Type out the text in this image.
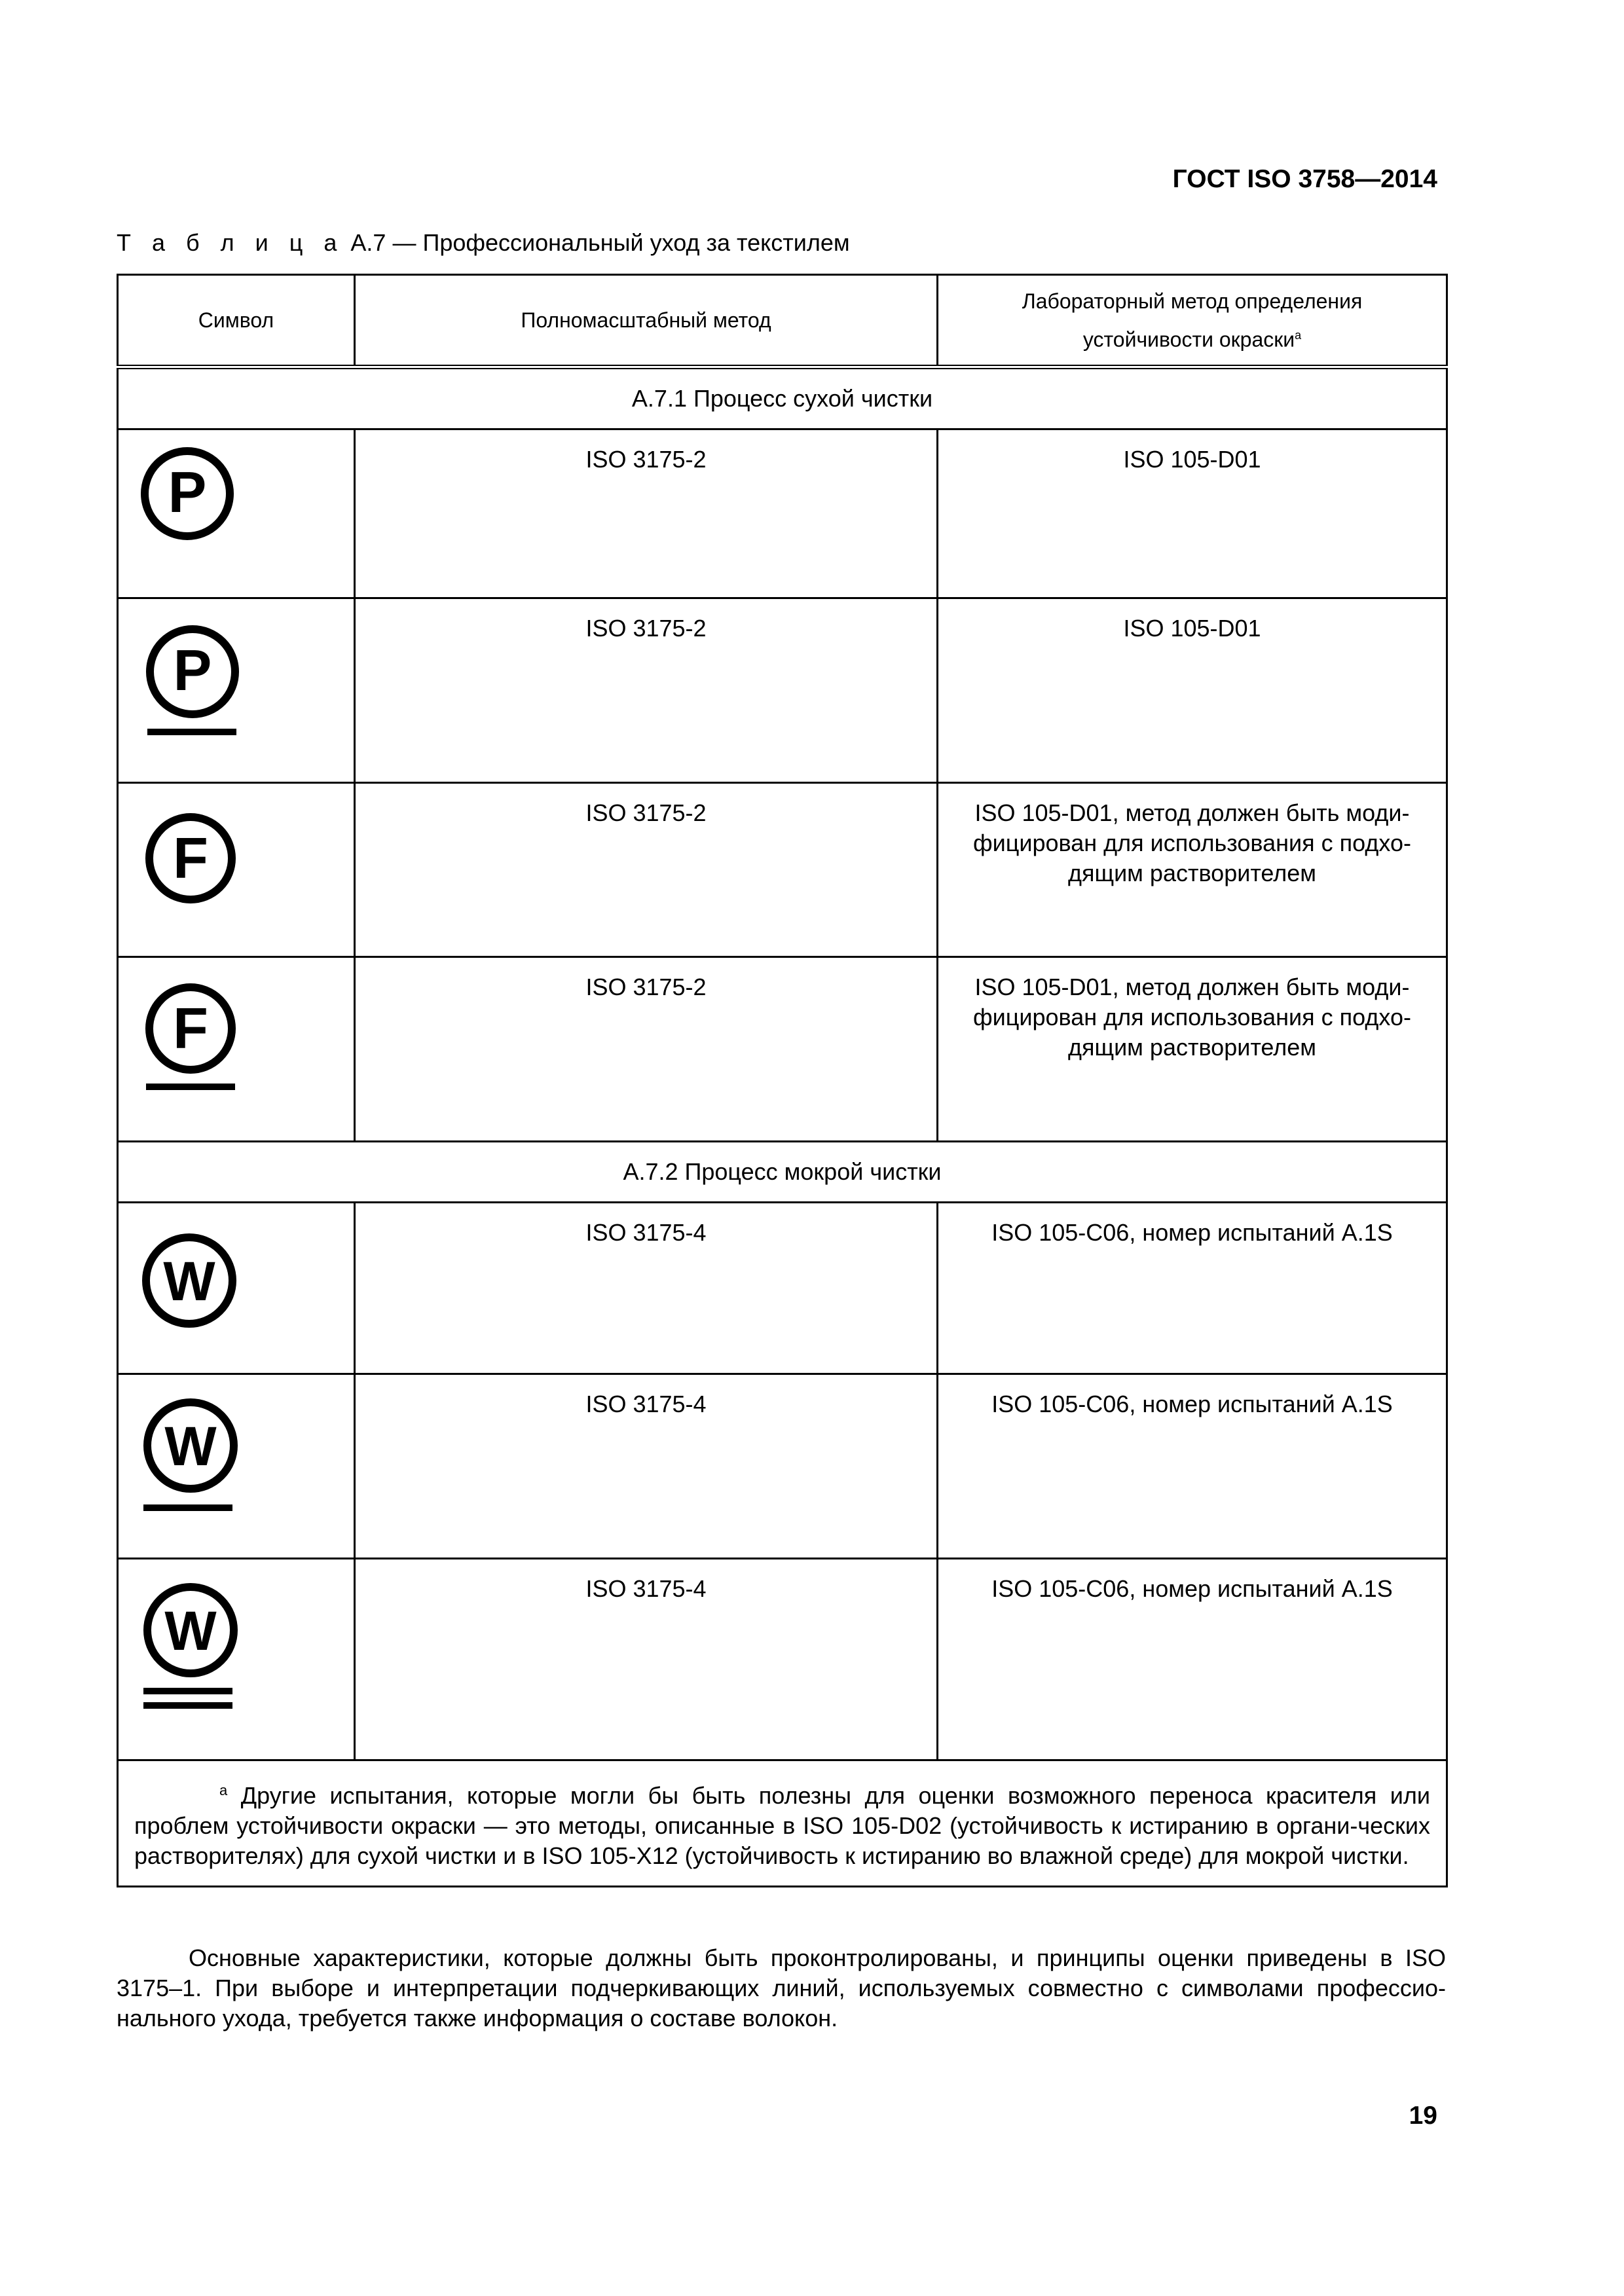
ГОСТ ISO 3758—2014
Т а б л и ц а А.7 — Профессиональный уход за текстилем
Символ	Полномасштабный метод	Лабораторный метод определения устойчивости окраски$^a$
А.7.1 Процесс сухой чистки		

P	ISO 3175-2	ISO 105-D01

P	ISO 3175-2	ISO 105-D01

F	ISO 3175-2	ISO 105-D01, метод должен быть моди-фицирован для использования с подхо-дящим растворителем

F	ISO 3175-2	ISO 105-D01, метод должен быть моди-фицирован для использования с подхо-дящим растворителем
А.7.2 Процесс мокрой чистки		

W	ISO 3175-4	ISO 105-C06, номер испытаний A.1S

W	ISO 3175-4	ISO 105-C06, номер испытаний A.1S

W	ISO 3175-4	ISO 105-C06, номер испытаний A.1S
$^a$ Другие испытания, которые могли бы быть полезны для оценки возможного переноса красителя или проблем устойчивости окраски — это методы, описанные в ISO 105-D02 (устойчивость к истиранию в органи-ческих растворителях) для сухой чистки и в ISO 105-X12 (устойчивость к истиранию во влажной среде) для мокрой чистки.		
Основные характеристики, которые должны быть проконтролированы, и принципы оценки приведены в ISO 3175–1. При выборе и интерпретации подчеркивающих линий, используемых совместно с символами профессио-нального ухода, требуется также информация о составе волокон.
19
